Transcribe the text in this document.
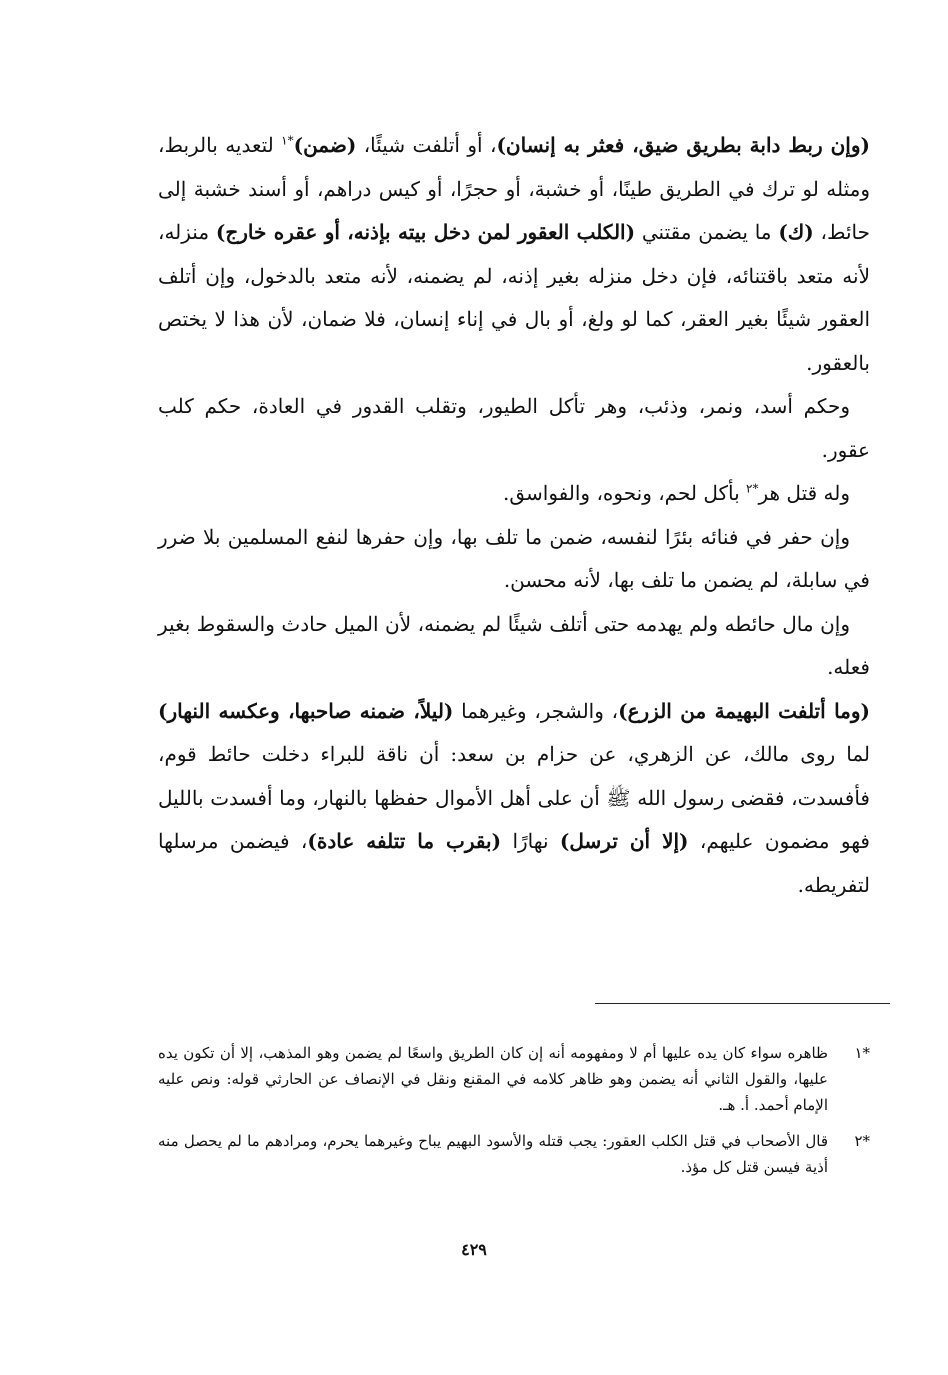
(وإن ربط دابة بطريق ضيق، فعثر به إنسان)، أو أتلفت شيئًا، (ضمن)$^{*١}$ لتعديه بالربط، ومثله لو ترك في الطريق طينًا، أو خشبة، أو حجرًا، أو كيس دراهم، أو أسند خشبة إلى حائط، (ك) ما يضمن مقتني (الكلب العقور لمن دخل بيته بإذنه، أو عقره خارج) منزله، لأنه متعد باقتنائه، فإن دخل منزله بغير إذنه، لم يضمنه، لأنه متعد بالدخول، وإن أتلف العقور شيئًا بغير العقر، كما لو ولغ، أو بال في إناء إنسان، فلا ضمان، لأن هذا لا يختص بالعقور.

وحكم أسد، ونمر، وذئب، وهر تأكل الطيور، وتقلب القدور في العادة، حكم كلب عقور.

وله قتل هر$^{*٢}$ بأكل لحم، ونحوه، والفواسق.

وإن حفر في فنائه بئرًا لنفسه، ضمن ما تلف بها، وإن حفرها لنفع المسلمين بلا ضرر في سابلة، لم يضمن ما تلف بها، لأنه محسن.

وإن مال حائطه ولم يهدمه حتى أتلف شيئًا لم يضمنه، لأن الميل حادث والسقوط بغير فعله.

(وما أتلفت البهيمة من الزرع)، والشجر، وغيرهما (ليلاً، ضمنه صاحبها، وعكسه النهار) لما روى مالك، عن الزهري، عن حزام بن سعد: أن ناقة للبراء دخلت حائط قوم، فأفسدت، فقضى رسول الله ﷺ أن على أهل الأموال حفظها بالنهار، وما أفسدت بالليل فهو مضمون عليهم، (إلا أن ترسل) نهارًا (بقرب ما تتلفه عادة)، فيضمن مرسلها لتفريطه.

*١
ظاهره سواء كان يده عليها أم لا ومفهومه أنه إن كان الطريق واسعًا لم يضمن وهو المذهب، إلا أن تكون يده عليها، والقول الثاني أنه يضمن وهو ظاهر كلامه في المقنع ونقل في الإنصاف عن الحارثي قوله: ونص عليه الإمام أحمد. أ. هـ.
*٢
قال الأصحاب في قتل الكلب العقور: يجب قتله والأسود البهيم يباح وغيرهما يحرم، ومرادهم ما لم يحصل منه أذية فيسن قتل كل مؤذ.
٤٢٩
